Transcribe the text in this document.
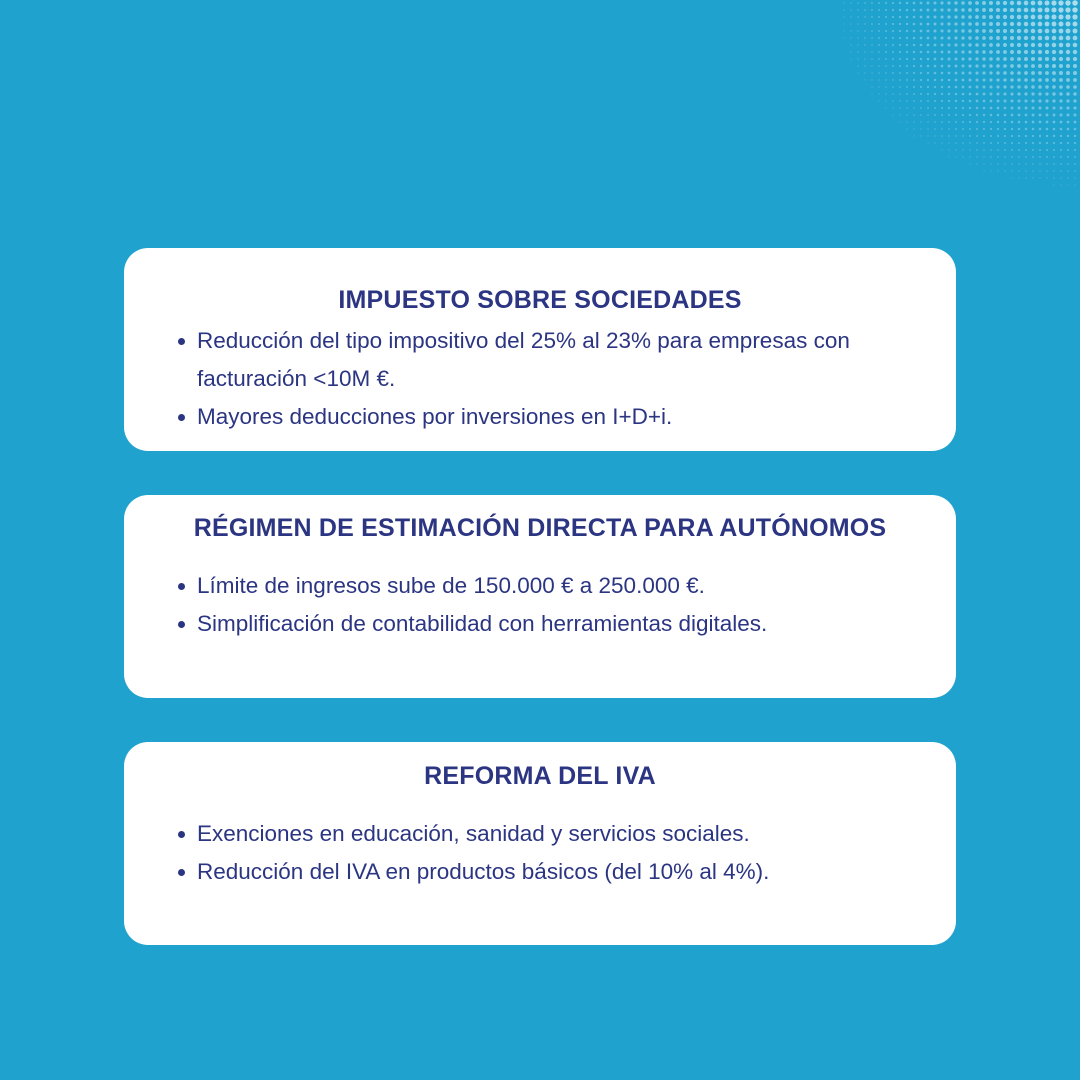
IMPUESTO SOBRE SOCIEDADES
Reducción del tipo impositivo del 25% al 23% para empresas con facturación <10M €.
Mayores deducciones por inversiones en I+D+i.
RÉGIMEN DE ESTIMACIÓN DIRECTA PARA AUTÓNOMOS
Límite de ingresos sube de 150.000 € a 250.000 €.
Simplificación de contabilidad con herramientas digitales.
REFORMA DEL IVA
Exenciones en educación, sanidad y servicios sociales.
Reducción del IVA en productos básicos (del 10% al 4%).
